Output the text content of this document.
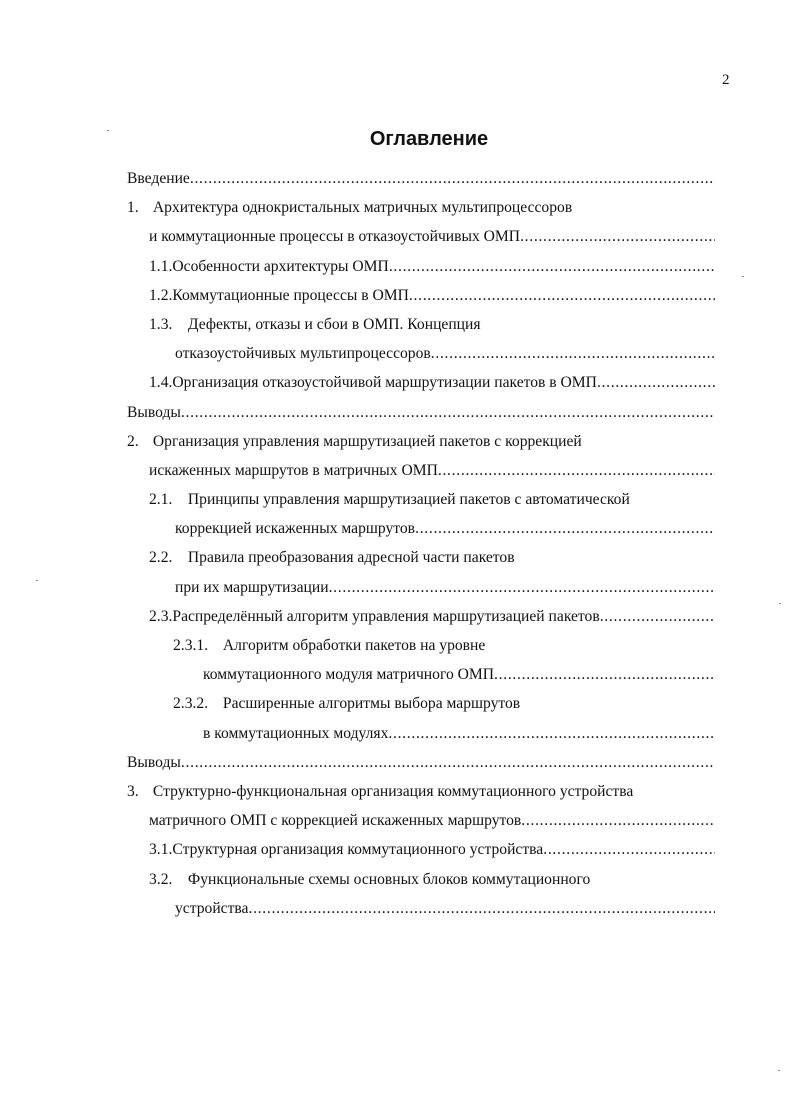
2
Оглавление
Введение
. . .
1. Архитектура однокристальных матричных мультипроцессоров
и коммутационные процессы в отказоустойчивых ОМП
. . .
1.1. Особенности архитектуры ОМП
. . .
1.2. Коммутационные процессы в ОМП
. . .
1.3. Дефекты, отказы и сбои в ОМП. Концепция
отказоустойчивых мультипроцессоров
. . .
1.4. Организация отказоустойчивой маршрутизации пакетов в ОМП
. . .
Выводы
. . .
2. Организация управления маршрутизацией пакетов с коррекцией
искаженных маршрутов в матричных ОМП
. . .
2.1. Принципы управления маршрутизацией пакетов с автоматической
коррекцией искаженных маршрутов
. . .
2.2. Правила преобразования адресной части пакетов
при их маршрутизации
. . .
2.3. Распределённый алгоритм управления маршрутизацией пакетов
. . .
2.3.1. Алгоритм обработки пакетов на уровне
коммутационного модуля матричного ОМП
. . .
2.3.2. Расширенные алгоритмы выбора маршрутов
в коммутационных модулях
. . .
Выводы
. . .
3. Структурно-функциональная организация коммутационного устройства
матричного ОМП с коррекцией искаженных маршрутов
. . .
3.1. Структурная организация коммутационного устройства
. . .
3.2. Функциональные схемы основных блоков коммутационного
устройства
. . .
